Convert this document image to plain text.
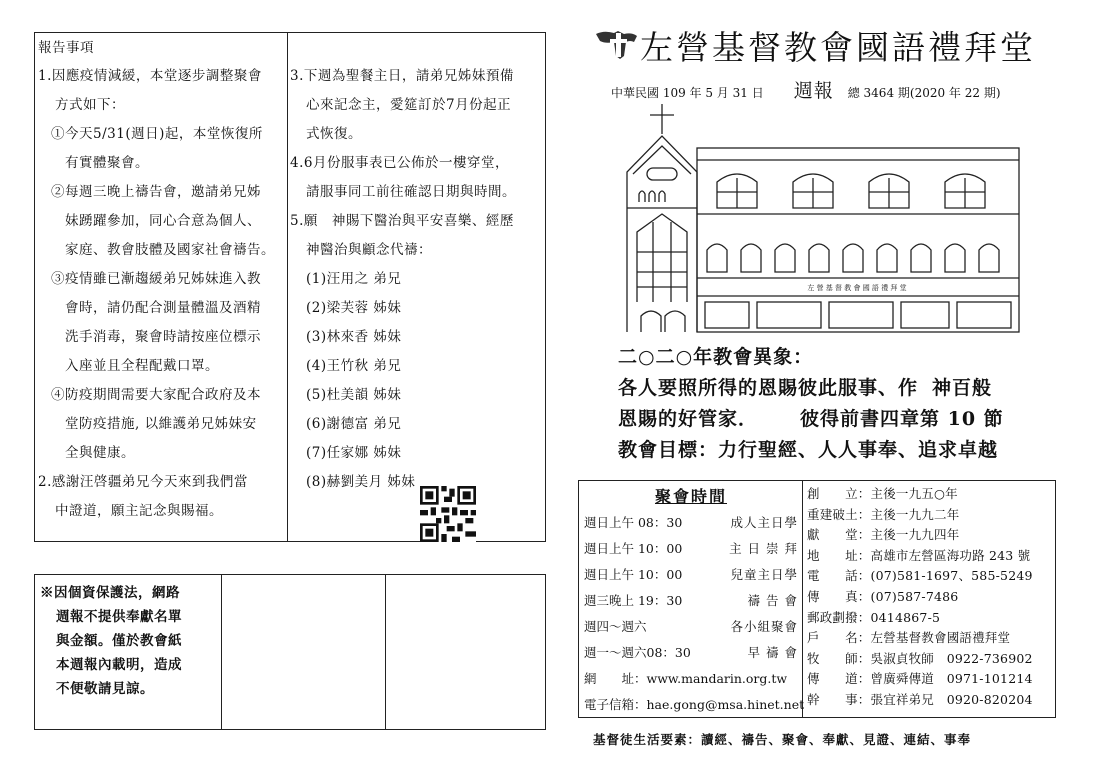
報告事項

1.因應疫情減緩，本堂逐步調整聚會

方式如下：

①今天5/31(週日)起，本堂恢復所

有實體聚會。

②每週三晚上禱告會，邀請弟兄姊

妹踴躍參加，同心合意為個人、

家庭、教會肢體及國家社會禱告。

③疫情雖已漸趨緩弟兄姊妹進入教

會時，請仍配合測量體溫及酒精

洗手消毒，聚會時請按座位標示

入座並且全程配戴口罩。

④防疫期間需要大家配合政府及本

堂防疫措施, 以維護弟兄姊妹安

全與健康。

2.感謝汪啓疆弟兄今天來到我們當

中證道，願主記念與賜福。

3.下週為聖餐主日，請弟兄姊妹預備

心來記念主，愛筵訂於7月份起正

式恢復。

4.6月份服事表已公佈於一樓穿堂，

請服事同工前往確認日期與時間。

5.願　神賜下醫治與平安喜樂、經歷

神醫治與顧念代禱：

(1)汪用之 弟兄

(2)梁芙蓉 姊妹

(3)林來香 姊妹

(4)王竹秋 弟兄

(5)杜美韻 姊妹

(6)謝德富 弟兄

(7)任家娜 姊妹

(8)赫劉美月 姊妹

※因個資保護法，網路

週報不提供奉獻名單

與金額。僅於教會紙

本週報內載明，造成

不便敬請見諒。

左營基督教會國語禮拜堂
中華民國 109 年 5 月 31 日 週報 總 3464 期(2020 年 22 期)
左 營 基 督 教 會 國 語 禮 拜 堂

二○二○年教會異象：

各人要照所得的恩賜彼此服事、作 神百般

恩賜的好管家． 彼得前書四章第 10 節

教會目標：力行聖經、人人事奉、追求卓越

聚會時間
週日上午 08：30	成人主日學
週日上午 10：00	主 日 崇 拜
週日上午 10：00	兒童主日學
週三晚上 19：30	禱 告 會
週四～週六	各小組聚會
週一～週六08：30	早 禱 會
網　　址：www.mandarin.org.tw
電子信箱：hae.gong@msa.hinet.net

創　　立：主後一九五○年

重建破土：主後一九九二年

獻　　堂：主後一九九四年

地　　址：高雄市左營區海功路 243 號

電　　話：(07)581-1697、585-5249

傳　　真：(07)587-7486

郵政劃撥：0414867-5

戶　　名：左營基督教會國語禮拜堂

牧　　師：吳淑貞牧師　0922-736902

傳　　道：曾廣舜傳道　0971-101214

幹　　事：張宜祥弟兄　0920-820204

基督徒生活要素：讀經、禱告、聚會、奉獻、見證、連結、事奉
